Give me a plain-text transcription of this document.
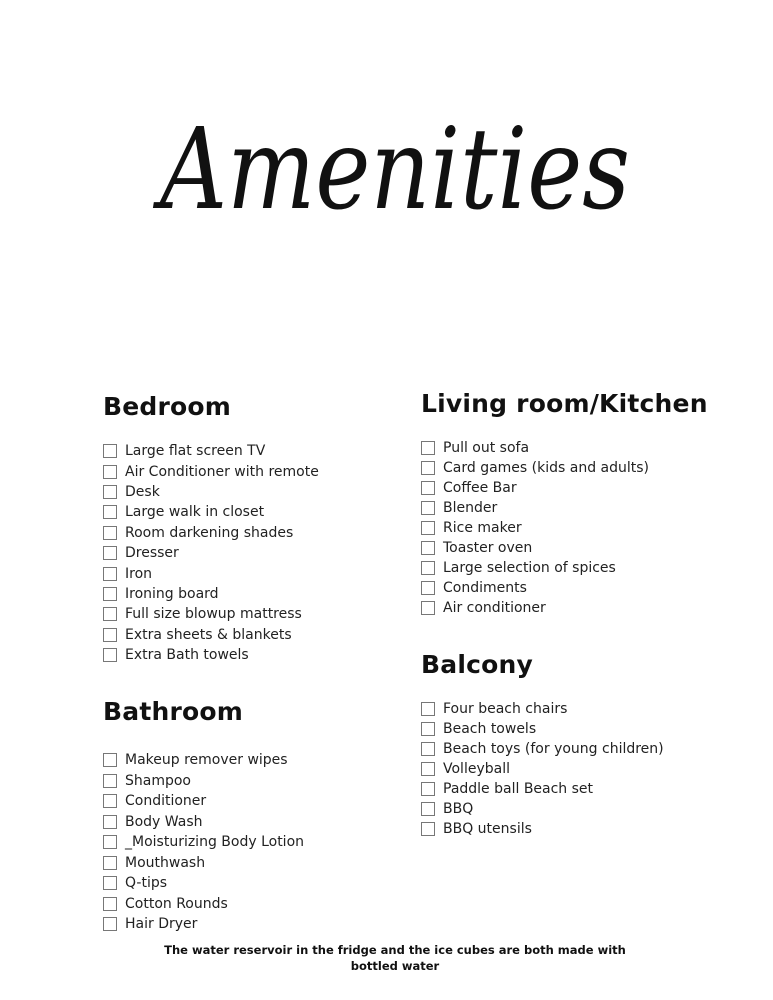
Amenities
Bedroom
Large flat screen TV
Air Conditioner with remote
Desk
Large walk in closet
Room darkening shades
Dresser
Iron
Ironing board
Full size blowup mattress
Extra sheets & blankets
Extra Bath towels
Living room/Kitchen
Pull out sofa
Card games (kids and adults)
Coffee Bar
Blender
Rice maker
Toaster oven
Large selection of spices
Condiments
Air conditioner
Bathroom
Makeup remover wipes
Shampoo
Conditioner
Body Wash
_Moisturizing Body Lotion
Mouthwash
Q-tips
Cotton Rounds
Hair Dryer
Balcony
Four beach chairs
Beach towels
Beach toys (for young children)
Volleyball
Paddle ball Beach set
BBQ
BBQ utensils
The water reservoir in the fridge and the ice cubes are both made with bottled water
